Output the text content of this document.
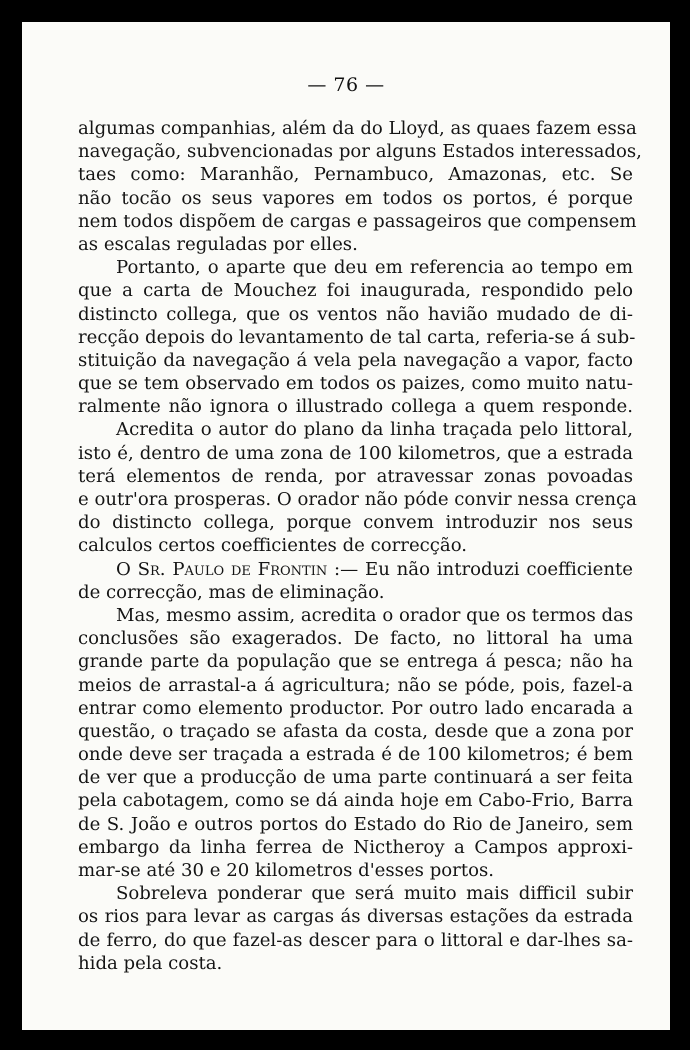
— 76 —
algumas companhias, além da do Lloyd, as quaes fazem essa
navegação, subvencionadas por alguns Estados interessados,
taes como: Maranhão, Pernambuco, Amazonas, etc. Se
não tocão os seus vapores em todos os portos, é porque
nem todos dispõem de cargas e passageiros que compensem
as escalas reguladas por elles.
Portanto, o aparte que deu em referencia ao tempo em
que a carta de Mouchez foi inaugurada, respondido pelo
distincto collega, que os ventos não havião mudado de di-
recção depois do levantamento de tal carta, referia-se á sub-
stituição da navegação á vela pela navegação a vapor, facto
que se tem observado em todos os paizes, como muito natu-
ralmente não ignora o illustrado collega a quem responde.
Acredita o autor do plano da linha traçada pelo littoral,
isto é, dentro de uma zona de 100 kilometros, que a estrada
terá elementos de renda, por atravessar zonas povoadas
e outr'ora prosperas. O orador não póde convir nessa crença
do distincto collega, porque convem introduzir nos seus
calculos certos coefficientes de correcção.
O Sr. Paulo de Frontin :— Eu não introduzi coefficiente
de correcção, mas de eliminação.
Mas, mesmo assim, acredita o orador que os termos das
conclusões são exagerados. De facto, no littoral ha uma
grande parte da população que se entrega á pesca; não ha
meios de arrastal-a á agricultura; não se póde, pois, fazel-a
entrar como elemento productor. Por outro lado encarada a
questão, o traçado se afasta da costa, desde que a zona por
onde deve ser traçada a estrada é de 100 kilometros; é bem
de ver que a producção de uma parte continuará a ser feita
pela cabotagem, como se dá ainda hoje em Cabo-Frio, Barra
de S. João e outros portos do Estado do Rio de Janeiro, sem
embargo da linha ferrea de Nictheroy a Campos approxi-
mar-se até 30 e 20 kilometros d'esses portos.
Sobreleva ponderar que será muito mais difficil subir
os rios para levar as cargas ás diversas estações da estrada
de ferro, do que fazel-as descer para o littoral e dar-lhes sa-
hida pela costa.
